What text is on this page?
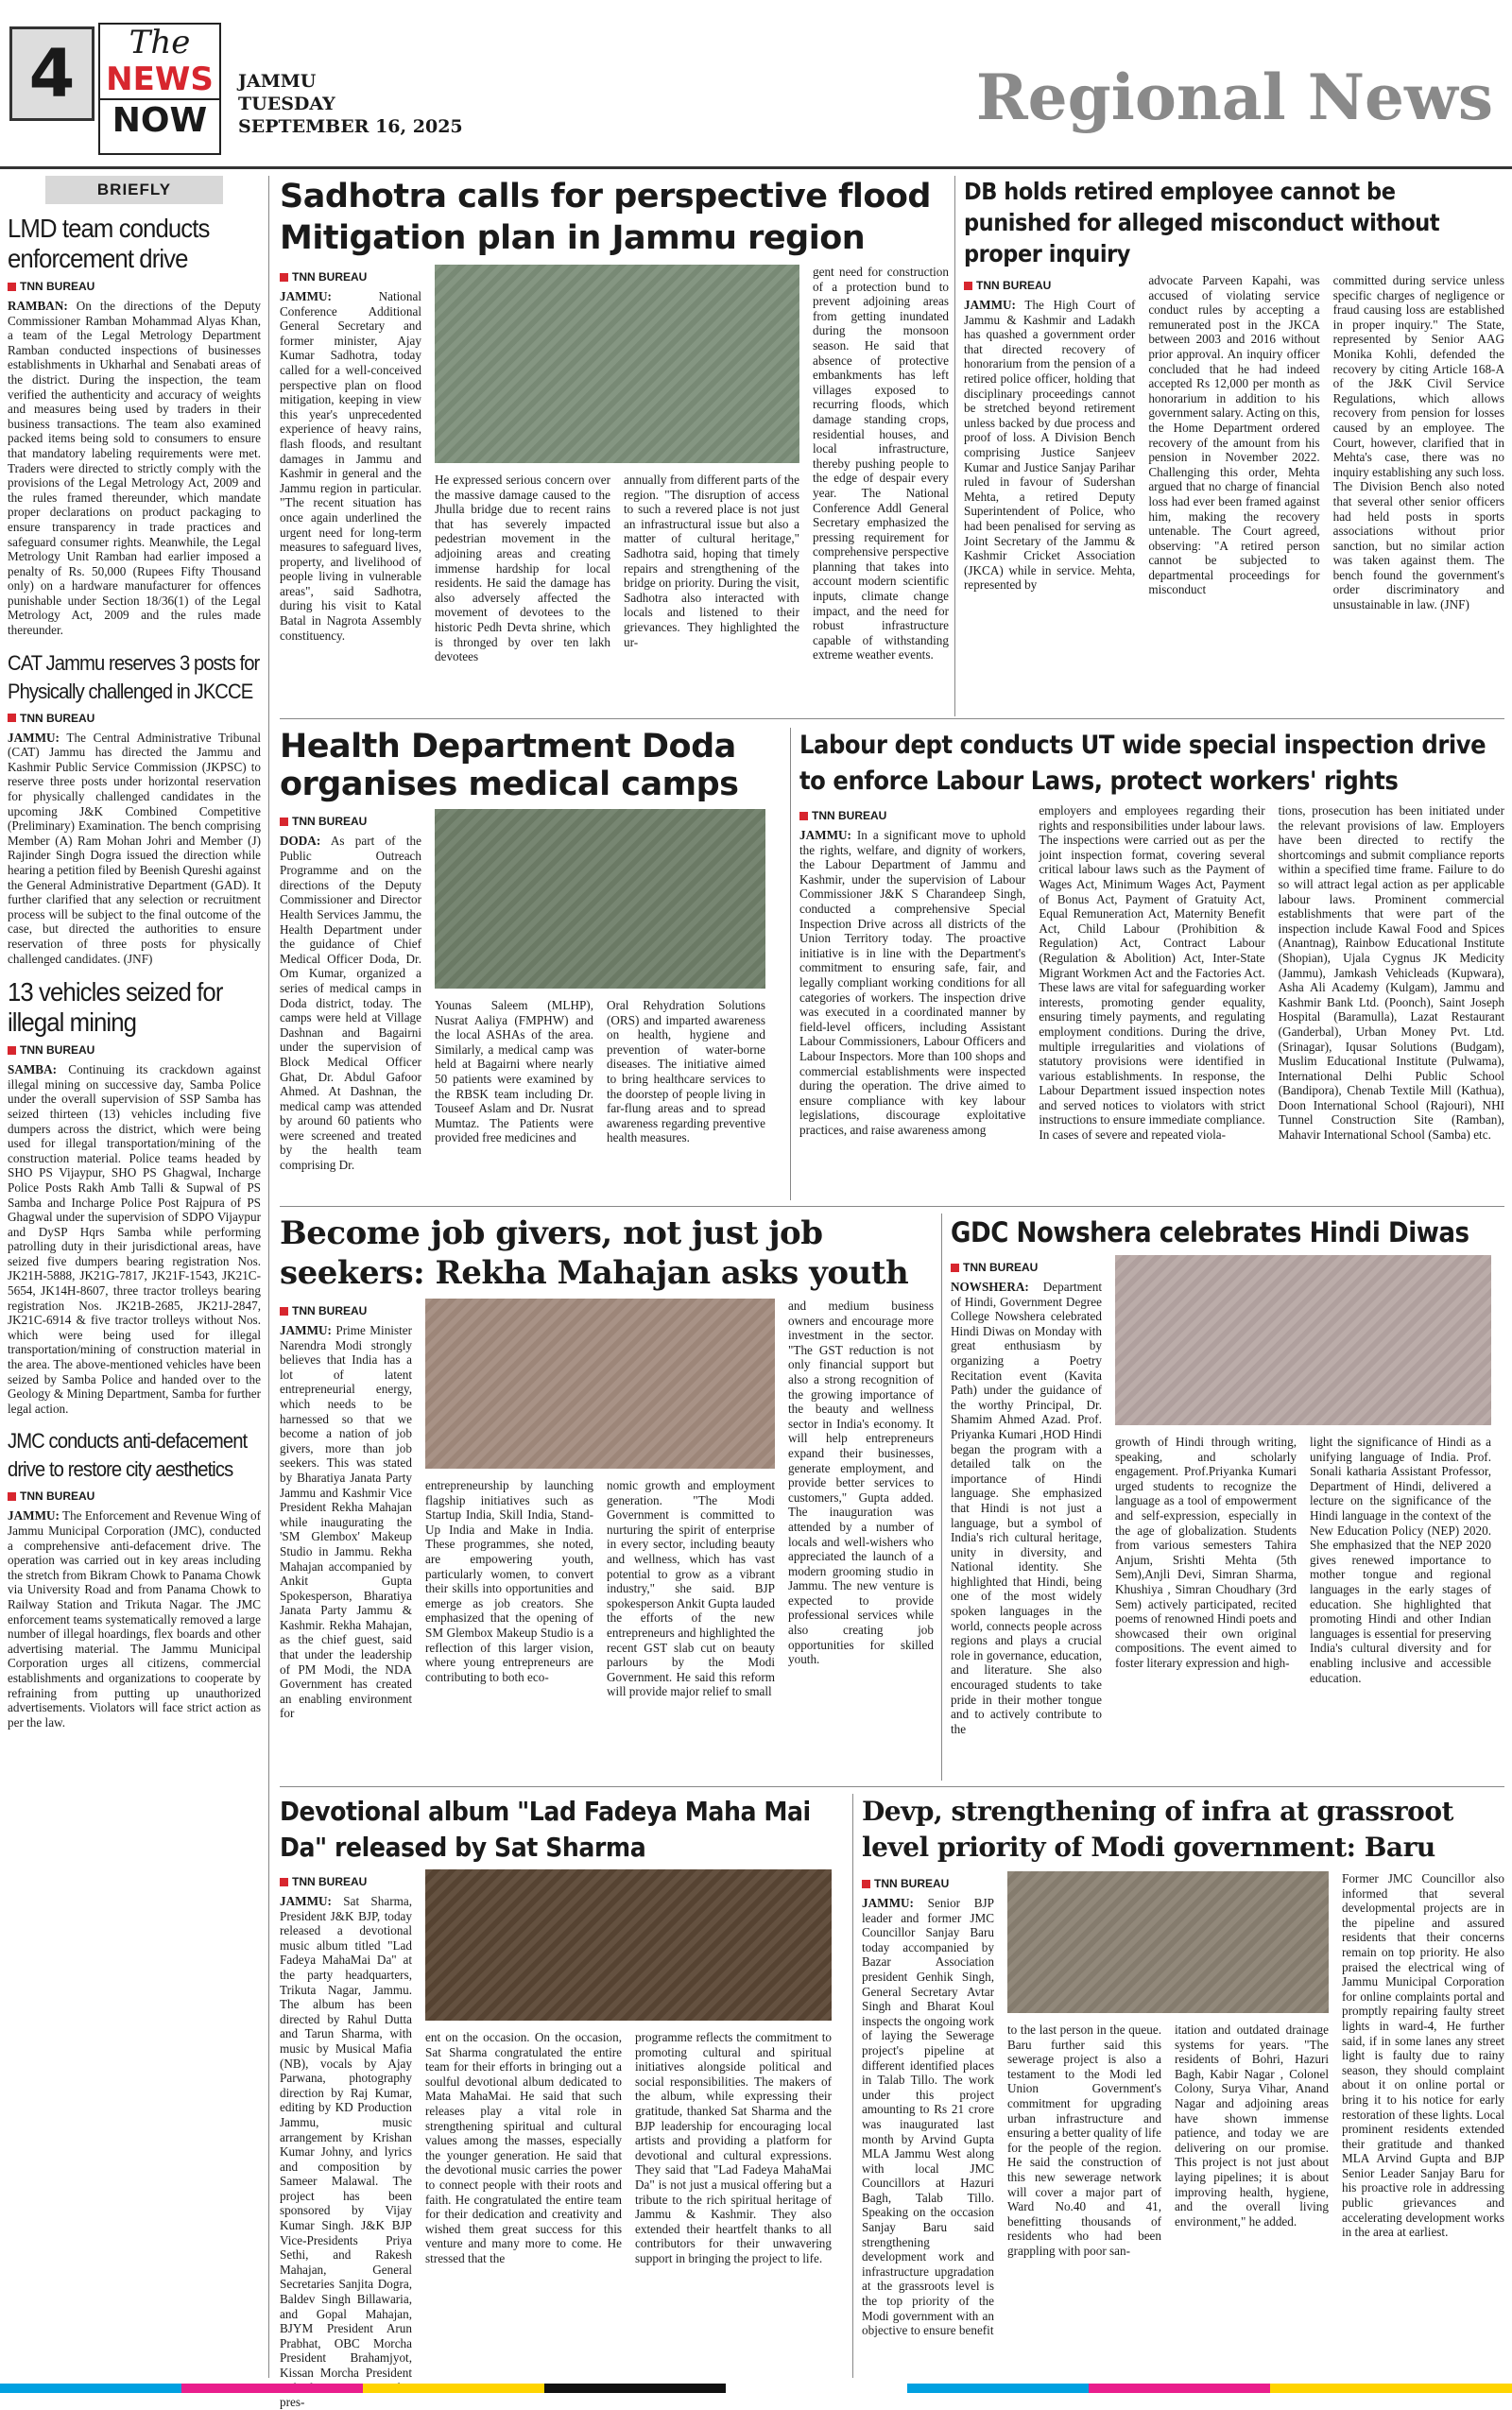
4	The
NEWS
NOW
JAMMU
TUESDAY
SEPTEMBER 16, 2025	Regional News
BRIEFLY
LMD team conducts enforcement drive
TNN BUREAU
RAMBAN: On the directions of the Deputy Commissioner Ramban Mohammad Alyas Khan, a team of the Legal Metrology Department Ramban conducted inspections of businesses establishments in Ukharhal and Senabati areas of the district. During the inspection, the team verified the authenticity and accuracy of weights and measures being used by traders in their business transactions. The team also examined packed items being sold to consumers to ensure that mandatory labeling requirements were met. Traders were directed to strictly comply with the provisions of the Legal Metrology Act, 2009 and the rules framed thereunder, which mandate proper declarations on product packaging to ensure transparency in trade practices and safeguard consumer rights. Meanwhile, the Legal Metrology Unit Ramban had earlier imposed a penalty of Rs. 50,000 (Rupees Fifty Thousand only) on a hardware manufacturer for offences punishable under Section 18/36(1) of the Legal Metrology Act, 2009 and the rules made thereunder.
CAT Jammu reserves 3 posts for Physically challenged in JKCCE
TNN BUREAU
JAMMU: The Central Administrative Tribunal (CAT) Jammu has directed the Jammu and Kashmir Public Service Commission (JKPSC) to reserve three posts under horizontal reservation for physically challenged candidates in the upcoming J&K Combined Competitive (Preliminary) Examination. The bench comprising Member (A) Ram Mohan Johri and Member (J) Rajinder Singh Dogra issued the direction while hearing a petition filed by Beenish Qureshi against the General Administrative Department (GAD). It further clarified that any selection or recruitment process will be subject to the final outcome of the case, but directed the authorities to ensure reservation of three posts for physically challenged candidates. (JNF)
13 vehicles seized for illegal mining
TNN BUREAU
SAMBA: Continuing its crackdown against illegal mining on successive day, Samba Police under the overall supervision of SSP Samba has seized thirteen (13) vehicles including five dumpers across the district, which were being used for illegal transportation/mining of the construction material. Police teams headed by SHO PS Vijaypur, SHO PS Ghagwal, Incharge Police Posts Rakh Amb Talli & Supwal of PS Samba and Incharge Police Post Rajpura of PS Ghagwal under the supervision of SDPO Vijaypur and DySP Hqrs Samba while performing patrolling duty in their jurisdictional areas, have seized five dumpers bearing registration Nos. JK21H-5888, JK21G-7817, JK21F-1543, JK21C-5654, JK14H-8607, three tractor trolleys bearing registration Nos. JK21B-2685, JK21J-2847, JK21C-6914 & five tractor trolleys without Nos. which were being used for illegal transportation/mining of construction material in the area. The above-mentioned vehicles have been seized by Samba Police and handed over to the Geology & Mining Department, Samba for further legal action.
JMC conducts anti-defacement drive to restore city aesthetics
TNN BUREAU
JAMMU: The Enforcement and Revenue Wing of Jammu Municipal Corporation (JMC), conducted a comprehensive anti-defacement drive. The operation was carried out in key areas including the stretch from Bikram Chowk to Panama Chowk via University Road and from Panama Chowk to Railway Station and Trikuta Nagar. The JMC enforcement teams systematically removed a large number of illegal hoardings, flex boards and other advertising material. The Jammu Municipal Corporation urges all citizens, commercial establishments and organizations to cooperate by refraining from putting up unauthorized advertisements. Violators will face strict action as per the law.
Sadhotra calls for perspective flood Mitigation plan in Jammu region
TNN BUREAU
JAMMU:	National Conference Additional General Secretary and former minister, Ajay Kumar Sadhotra, today called for a well-conceived perspective plan on flood mitigation, keeping in view this year's unprecedented experience of heavy rains, flash floods, and resultant damages in Jammu and Kashmir in general and the Jammu region in particular. "The recent situation has once again underlined the urgent need for long-term measures to safeguard lives, property, and livelihood of people living in vulnerable areas", said Sadhotra, during his visit to Katal Batal in Nagrota Assembly constituency.
He expressed serious concern over the massive damage caused to the Jhulla bridge due to recent rains that has severely impacted pedestrian movement in the adjoining areas and creating immense hardship for local residents. He said the damage has also adversely affected the movement of devotees to the historic Pedh Devta shrine, which is thronged by over ten lakh devotees
annually from different parts of the region. "The disruption of access to such a revered place is not just an infrastructural issue but also a matter of cultural heritage," Sadhotra said, hoping that timely repairs and strengthening of the bridge on priority. During the visit, Sadhotra also interacted with locals and listened to their grievances. They highlighted the ur-
gent need for construction of a protection bund to prevent adjoining areas from getting inundated during the monsoon season. He said that absence of protective embankments has left villages exposed to recurring floods, which damage standing crops, residential houses, and local infrastructure, thereby pushing people to the edge of despair every year. The National Conference Addl General Secretary emphasized the pressing requirement for comprehensive perspective planning that takes into account modern scientific inputs, climate change impact, and the need for robust infrastructure capable of withstanding extreme weather events.
DB holds retired employee cannot be punished for alleged misconduct without proper inquiry
TNN BUREAU
JAMMU: The High Court of Jammu & Kashmir and Ladakh has quashed a government order that directed recovery of honorarium from the pension of a retired police officer, holding that disciplinary proceedings cannot be stretched beyond retirement unless backed by due process and proof of loss. A Division Bench comprising Justice Sanjeev Kumar and Justice Sanjay Parihar ruled in favour of Sudershan Mehta, a retired Deputy Superintendent of Police, who had been penalised for serving as Joint Secretary of the Jammu & Kashmir Cricket Association (JKCA) while in service. Mehta, represented by
advocate Parveen Kapahi, was accused of violating service conduct rules by accepting a remunerated post in the JKCA between 2003 and 2016 without prior approval. An inquiry officer concluded that he had indeed accepted Rs 12,000 per month as honorarium in addition to his government salary. Acting on this, the Home Department ordered recovery of the amount from his pension in November 2022. Challenging this order, Mehta argued that no charge of financial loss had ever been framed against him, making the recovery untenable. The Court agreed, observing: "A retired person cannot be subjected to departmental proceedings for misconduct
committed during service unless specific charges of negligence or fraud causing loss are established in proper inquiry." The State, represented by Senior AAG Monika Kohli, defended the recovery by citing Article 168-A of the J&K Civil Service Regulations, which allows recovery from pension for losses caused by an employee. The Court, however, clarified that in Mehta's case, there was no inquiry establishing any such loss. The Division Bench also noted that several other senior officers had held posts in sports associations without prior sanction, but no similar action was taken against them. The bench found the government's order discriminatory and unsustainable in law. (JNF)
Health Department Doda organises medical camps
TNN BUREAU
DODA: As part of the Public Outreach Programme and on the directions of the Deputy Commissioner and Director Health Services Jammu, the Health Department under the guidance of Chief Medical Officer Doda, Dr. Om Kumar, organized a series of medical camps in Doda district, today. The camps were held at Village Dashnan and Bagairni under the supervision of Block Medical Officer Ghat, Dr. Abdul Gafoor Ahmed. At Dashnan, the medical camp was attended by around 60 patients who were screened and treated by the health team comprising Dr.
Younas Saleem (MLHP), Nusrat Aaliya (FMPHW) and the local ASHAs of the area. Similarly, a medical camp was held at Bagairni where nearly 50 patients were examined by the RBSK team including Dr. Touseef Aslam and Dr. Nusrat Mumtaz. The Patients were provided free medicines and
Oral Rehydration Solutions (ORS) and imparted awareness on health, hygiene and prevention of water-borne diseases. The initiative aimed to bring healthcare services to the doorstep of people living in far-flung areas and to spread awareness regarding preventive health measures.
Labour dept conducts UT wide special inspection drive to enforce Labour Laws, protect workers' rights
TNN BUREAU
JAMMU: In a significant move to uphold the rights, welfare, and dignity of workers, the Labour Department of Jammu and Kashmir, under the supervision of Labour Commissioner J&K S Charandeep Singh, conducted a comprehensive Special Inspection Drive across all districts of the Union Territory today. The proactive initiative is in line with the Department's commitment to ensuring safe, fair, and legally compliant working conditions for all categories of workers. The inspection drive was executed in a coordinated manner by field-level officers, including Assistant Labour Commissioners, Labour Officers and Labour Inspectors. More than 100 shops and commercial establishments were inspected during the operation. The drive aimed to ensure compliance with key labour legislations, discourage exploitative practices, and raise awareness among
employers and employees regarding their rights and responsibilities under labour laws. The inspections were carried out as per the joint inspection format, covering several critical labour laws such as the Payment of Wages Act, Minimum Wages Act, Payment of Bonus Act, Payment of Gratuity Act, Equal Remuneration Act, Maternity Benefit Act, Child Labour (Prohibition & Regulation) Act, Contract Labour (Regulation & Abolition) Act, Inter-State Migrant Workmen Act and the Factories Act. These laws are vital for safeguarding worker interests, promoting gender equality, ensuring timely payments, and regulating employment conditions. During the drive, multiple irregularities and violations of statutory provisions were identified in various establishments. In response, the Labour Department issued inspection notes and served notices to violators with strict instructions to ensure immediate compliance. In cases of severe and repeated viola-
tions, prosecution has been initiated under the relevant provisions of law. Employers have been directed to rectify the shortcomings and submit compliance reports within a specified time frame. Failure to do so will attract legal action as per applicable labour laws. Prominent commercial establishments that were part of the inspection include Kawal Food and Spices (Anantnag), Rainbow Educational Institute (Shopian), Ujala Cygnus JK Medicity (Jammu), Jamkash Vehicleads (Kupwara), Asha Ali Academy (Kulgam), Jammu and Kashmir Bank Ltd. (Poonch), Saint Joseph Hospital (Baramulla), Lazat Restaurant (Ganderbal), Urban Money Pvt. Ltd. (Srinagar), Iqusar Solutions (Budgam), Muslim Educational Institute (Pulwama), International Delhi Public School (Bandipora), Chenab Textile Mill (Kathua), Doon International School (Rajouri), NHI Tunnel Construction Site (Ramban), Mahavir International School (Samba) etc.
Become job givers, not just job seekers: Rekha Mahajan asks youth
TNN BUREAU
JAMMU: Prime Minister Narendra Modi strongly believes that India has a lot of latent entrepreneurial energy, which needs to be harnessed so that we become a nation of job givers, more than job seekers. This was stated by Bharatiya Janata Party Jammu and Kashmir Vice President Rekha Mahajan while inaugurating the 'SM Glembox' Makeup Studio in Jammu. Rekha Mahajan accompanied by Ankit Gupta Spokesperson, Bharatiya Janata Party Jammu & Kashmir. Rekha Mahajan, as the chief guest, said that under the leadership of PM Modi, the NDA Government has created an enabling environment for
entrepreneurship by launching flagship initiatives such as Startup India, Skill India, Stand-Up India and Make in India. These programmes, she noted, are empowering youth, particularly women, to convert their skills into opportunities and emerge as job creators. She emphasized that the opening of SM Glembox Makeup Studio is a reflection of this larger vision, where young entrepreneurs are contributing to both eco-
nomic growth and employment generation. "The Modi Government is committed to nurturing the spirit of enterprise in every sector, including beauty and wellness, which has vast potential to grow as a vibrant industry," she said. BJP spokesperson Ankit Gupta lauded the efforts of the new entrepreneurs and highlighted the recent GST slab cut on beauty parlours by the Modi Government. He said this reform will provide major relief to small
and medium business owners and encourage more investment in the sector. "The GST reduction is not only financial support but also a strong recognition of the growing importance of the beauty and wellness sector in India's economy. It will help entrepreneurs expand their businesses, generate employment, and provide better services to customers," Gupta added. The inauguration was attended by a number of locals and well-wishers who appreciated the launch of a modern grooming studio in Jammu. The new venture is expected to provide professional services while also creating job opportunities for skilled youth.
GDC Nowshera celebrates Hindi Diwas
TNN BUREAU
NOWSHERA: Department of Hindi, Government Degree College Nowshera celebrated Hindi Diwas on Monday with great enthusiasm by organizing a Poetry Recitation event (Kavita Path) under the guidance of the worthy Principal, Dr. Shamim Ahmed Azad. Prof. Priyanka Kumari ,HOD Hindi began the program with a detailed talk on the importance of Hindi language. She emphasized that Hindi is not just a language, but a symbol of India's rich cultural heritage, unity in diversity, and National identity. She highlighted that Hindi, being one of the most widely spoken languages in the world, connects people across regions and plays a crucial role in governance, education, and literature. She also encouraged students to take pride in their mother tongue and to actively contribute to the
growth of Hindi through writing, speaking, and scholarly engagement. Prof.Priyanka Kumari urged students to recognize the language as a tool of empowerment and self-expression, especially in the age of globalization. Students from various semesters Tahira Anjum, Srishti Mehta (5th Sem),Anjli Devi, Simran Sharma, Khushiya , Simran Choudhary (3rd Sem) actively participated, recited poems of renowned Hindi poets and showcased their own original compositions. The event aimed to foster literary expression and high-
light the significance of Hindi as a unifying language of India. Prof. Sonali katharia Assistant Professor, Department of Hindi, delivered a lecture on the significance of the Hindi language in the context of the New Education Policy (NEP) 2020. She emphasized that the NEP 2020 gives renewed importance to mother tongue and regional languages in the early stages of education. She highlighted that promoting Hindi and other Indian languages is essential for preserving India's cultural diversity and for enabling inclusive and accessible education.
Devotional album "Lad Fadeya Maha Mai Da" released by Sat Sharma
TNN BUREAU
JAMMU: Sat Sharma, President J&K BJP, today released a devotional music album titled "Lad Fadeya MahaMai Da" at the party headquarters, Trikuta Nagar, Jammu. The album has been directed by Rahul Dutta and Tarun Sharma, with music by Musical Mafia (NB), vocals by Ajay Parwana, photography direction by Raj Kumar, editing by KD Production Jammu, music arrangement by Krishan Kumar Johny, and lyrics and composition by Sameer Malawal. The project has been sponsored by Vijay Kumar Singh. J&K BJP Vice-Presidents Priya Sethi, and Rakesh Mahajan, General Secretaries Sanjita Dogra, Baldev Singh Billawaria, and Gopal Mahajan, BJYM President Arun Prabhat, OBC Morcha President Brahamjyot, Kissan Morcha President pres-
ent on the occasion. On the occasion, Sat Sharma congratulated the entire team for their efforts in bringing out a soulful devotional album dedicated to Mata MahaMai. He said that such releases play a vital role in strengthening spiritual and cultural values among the masses, especially the younger generation. He said that the devotional music carries the power to connect people with their roots and faith. He congratulated the entire team for their dedication and creativity and wished them great success for this venture and many more to come. He stressed that the
programme reflects the commitment to promoting cultural and spiritual initiatives alongside political and social responsibilities. The makers of the album, while expressing their gratitude, thanked Sat Sharma and the BJP leadership for encouraging local artists and providing a platform for devotional and cultural expressions. They said that "Lad Fadeya MahaMai Da" is not just a musical offering but a tribute to the rich spiritual heritage of Jammu & Kashmir. They also extended their heartfelt thanks to all contributors for their unwavering support in bringing the project to life.
Devp, strengthening of infra at grassroot level priority of Modi government: Baru
TNN BUREAU
JAMMU: Senior BJP leader and former JMC Councillor Sanjay Baru today accompanied by Bazar Association president Genhik Singh, General Secretary Avtar Singh and Bharat Koul inspects the ongoing work of laying the Sewerage project's pipeline at different identified places in Talab Tillo. The work under this project amounting to Rs 21 crore was inaugurated last month by Arvind Gupta MLA Jammu West along with local JMC Councillors at Hazuri Bagh, Talab Tillo. Speaking on the occasion Sanjay Baru said strengthening development work and infrastructure upgradation at the grassroots level is the top priority of the Modi government with an objective to ensure benefit
to the last person in the queue. Baru further said this sewerage project is also a testament to the Modi led Union Government's commitment for upgrading urban infrastructure and ensuring a better quality of life for the people of the region. He said the construction of this new sewerage network will cover a major part of Ward No.40 and 41, benefitting thousands of residents who had been grappling with poor san-
itation and outdated drainage systems for years. "The residents of Bohri, Hazuri Bagh, Kabir Nagar , Colonel Colony, Surya Vihar, Anand Nagar and adjoining areas have shown immense patience, and today we are delivering on our promise. This project is not just about laying pipelines; it is about improving health, hygiene, and the overall living environment," he added.
Former JMC Councillor also informed that several developmental projects are in the pipeline and assured residents that their concerns remain on top priority. He also praised the electrical wing of Jammu Municipal Corporation for online complaints portal and promptly repairing faulty street lights in ward-4, He further said, if in some lanes any street light is faulty due to rainy season, they should complaint about it on online portal or bring it to his notice for early restoration of these lights. Local prominent residents extended their gratitude and thanked MLA Arvind Gupta and BJP Senior Leader Sanjay Baru for his proactive role in addressing public grievances and accelerating development works in the area at earliest.
